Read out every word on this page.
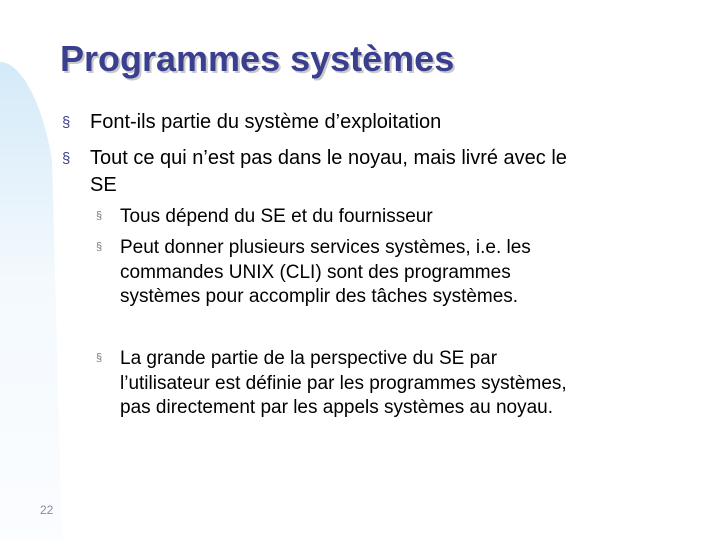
Programmes systèmes
§ Font-ils partie du système d’exploitation
§ Tout ce qui n’est pas dans le noyau, mais livré avec le SE
§ Tous dépend du SE et du fournisseur
§ Peut donner plusieurs services systèmes, i.e. les commandes UNIX (CLI) sont des programmes systèmes pour accomplir des tâches systèmes.
§ La grande partie de la perspective du SE par l’utilisateur est définie par les programmes systèmes, pas directement par les appels systèmes au noyau.
22
